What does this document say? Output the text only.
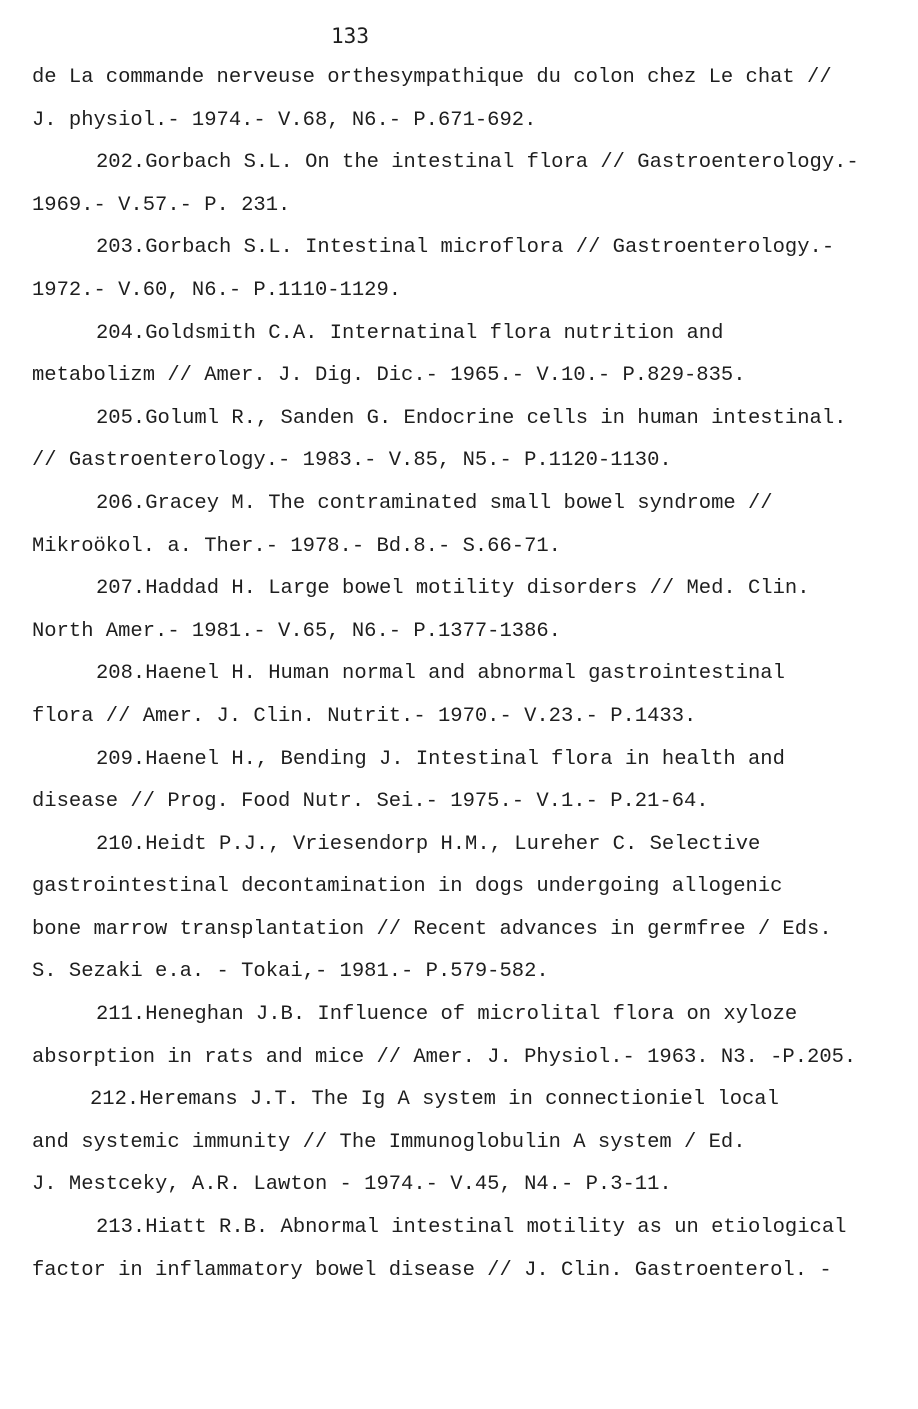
133
de La commande nerveuse orthesympathique du colon chez Le chat //
J. physiol.- 1974.- V.68, N6.- P.671-692.
202.Gorbach S.L. On the intestinal flora // Gastroenterology.-
1969.- V.57.- P. 231.
203.Gorbach S.L. Intestinal microflora // Gastroenterology.-
1972.- V.60, N6.- P.1110-1129.
204.Goldsmith C.A. Internatinal flora nutrition and
metabolizm // Amer. J. Dig. Dic.- 1965.- V.10.- P.829-835.
205.Goluml R., Sanden G. Endocrine cells in human intestinal.
// Gastroenterology.- 1983.- V.85, N5.- P.1120-1130.
206.Gracey M. The contraminated small bowel syndrome //
Mikroökol. a. Ther.- 1978.- Bd.8.- S.66-71.
207.Haddad H. Large bowel motility disorders // Med. Clin.
North Amer.- 1981.- V.65, N6.- P.1377-1386.
208.Haenel H. Human normal and abnormal gastrointestinal
flora // Amer. J. Clin. Nutrit.- 1970.- V.23.- P.1433.
209.Haenel H., Bending J. Intestinal flora in health and
disease // Prog. Food Nutr. Sei.- 1975.- V.1.- P.21-64.
210.Heidt P.J., Vriesendorp H.M., Lureher C. Selective
gastrointestinal decontamination in dogs undergoing allogenic
bone marrow transplantation // Recent advances in germfree / Eds.
S. Sezaki e.a. - Tokai,- 1981.- P.579-582.
211.Heneghan J.B. Influence of microlital flora on xyloze
absorption in rats and mice // Amer. J. Physiol.- 1963. N3. -P.205.
212.Heremans J.T. The Ig A system in connectioniel local
and systemic immunity // The Immunoglobulin A system / Ed.
J. Mestceky, A.R. Lawton - 1974.- V.45, N4.- P.3-11.
213.Hiatt R.B. Abnormal intestinal motility as un etiological
factor in inflammatory bowel disease // J. Clin. Gastroenterol. -
